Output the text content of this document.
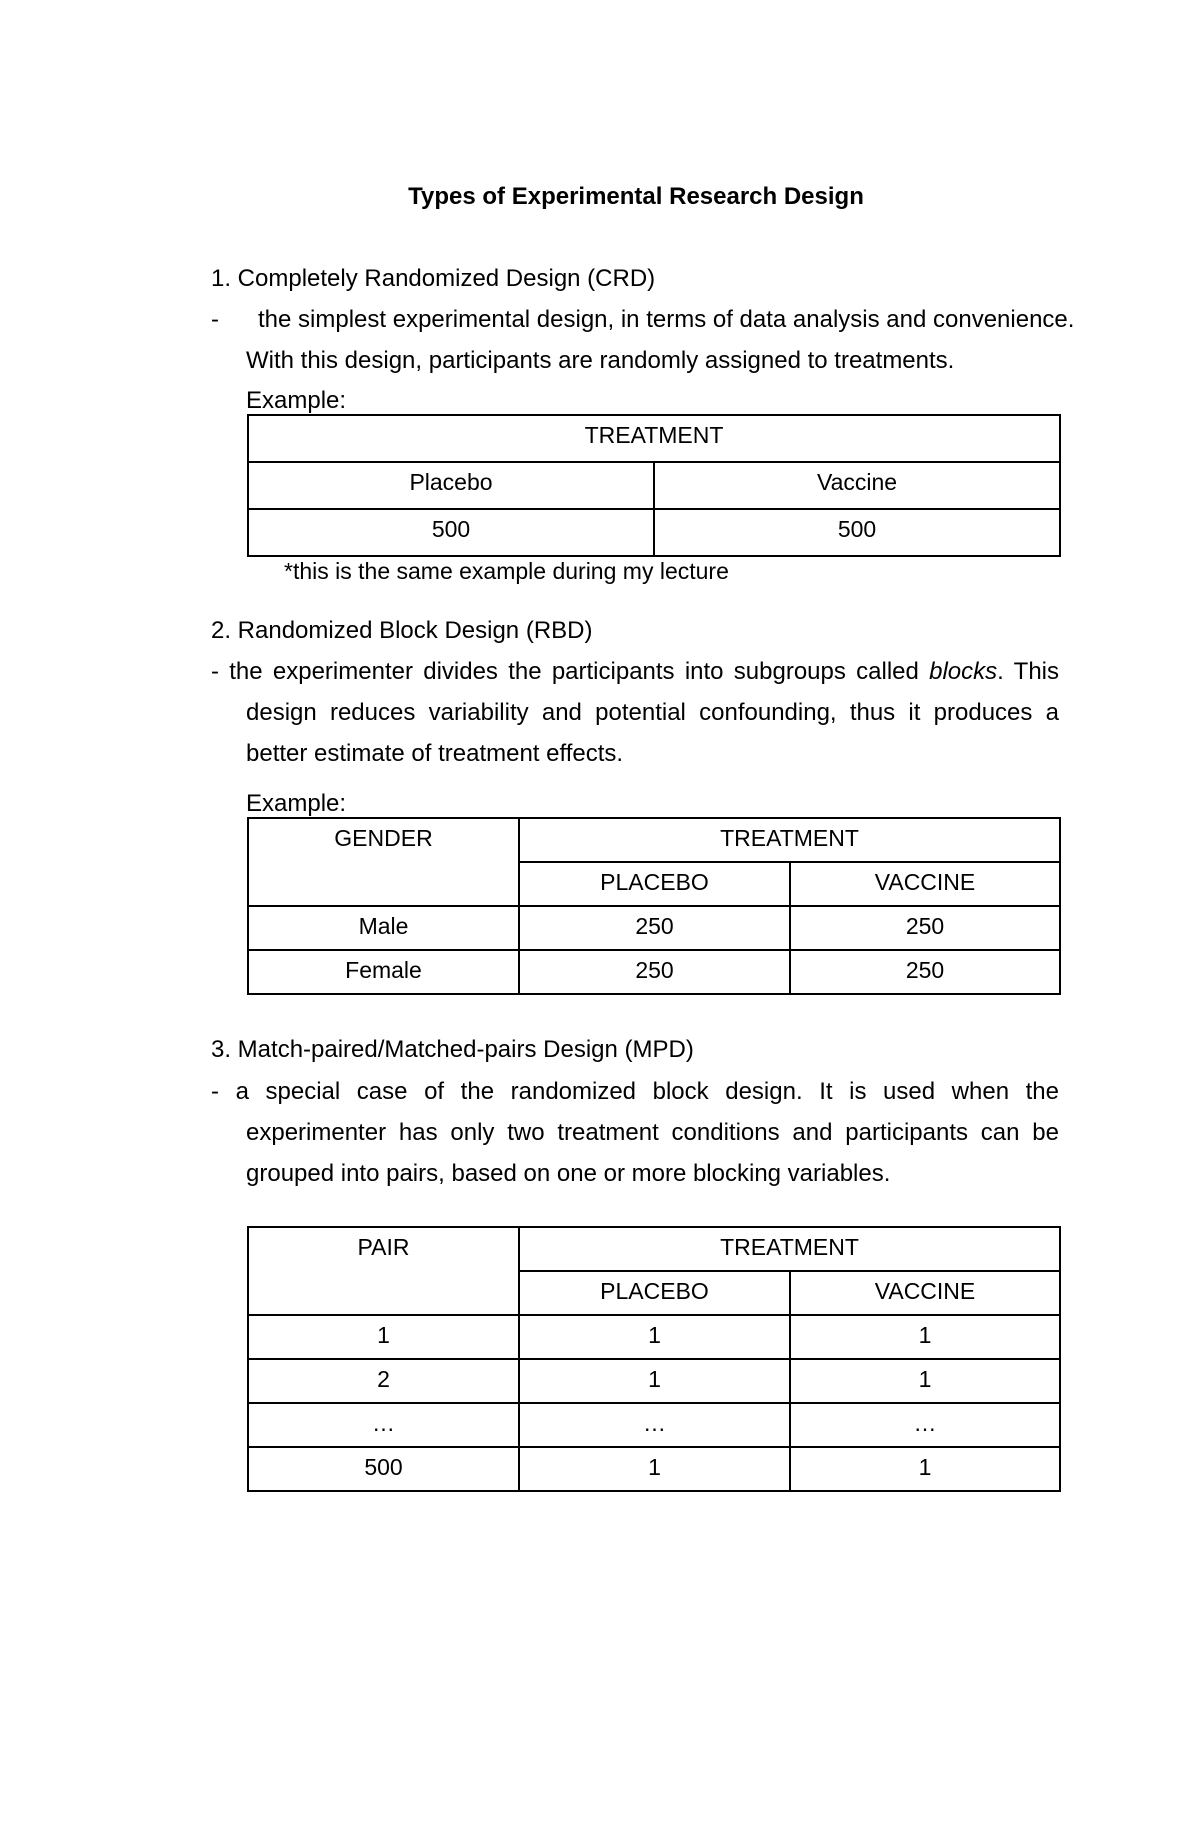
Types of Experimental Research Design
1. Completely Randomized Design (CRD)
- the simplest experimental design, in terms of data analysis and convenience.
With this design, participants are randomly assigned to treatments.
Example:
TREATMENT	
Placebo	Vaccine
500	500
*this is the same example during my lecture
2. Randomized Block Design (RBD)
- the experimenter divides the participants into subgroups called blocks. This design reduces variability and potential confounding, thus it produces a better estimate of treatment effects.
Example:
GENDER	TREATMENT	
	PLACEBO	VACCINE
Male	250	250
Female	250	250
3. Match-paired/Matched-pairs Design (MPD)
- a special case of the randomized block design. It is used when the experimenter has only two treatment conditions and participants can be grouped into pairs, based on one or more blocking variables.
PAIR	TREATMENT	
	PLACEBO	VACCINE
1	1	1
2	1	1
…	…	…
500	1	1
